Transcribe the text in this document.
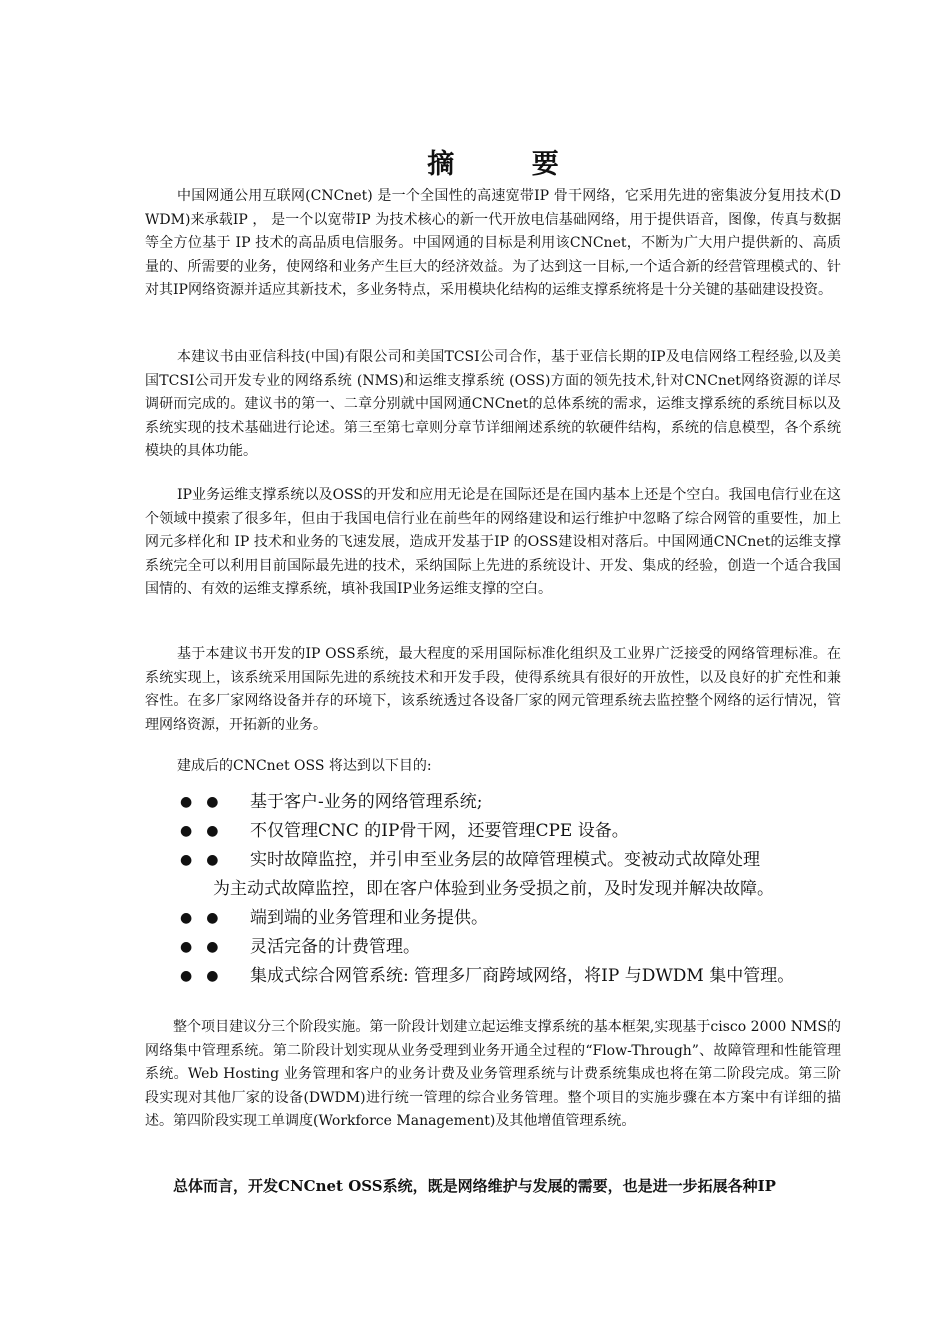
摘 要

中国网通公用互联网(CNCnet) 是一个全国性的高速宽带IP 骨干网络，它采用先进的密集波分复用技术(DWDM)来承载IP ， 是一个以宽带IP 为技术核心的新一代开放电信基础网络，用于提供语音，图像，传真与数据等全方位基于 IP 技术的高品质电信服务。中国网通的目标是利用该CNCnet，不断为广大用户提供新的、高质量的、所需要的业务，使网络和业务产生巨大的经济效益。为了达到这一目标,一个适合新的经营管理模式的、针对其IP网络资源并适应其新技术，多业务特点，采用模块化结构的运维支撑系统将是十分关键的基础建设投资。

本建议书由亚信科技(中国)有限公司和美国TCSI公司合作，基于亚信长期的IP及电信网络工程经验,以及美国TCSI公司开发专业的网络系统 (NMS)和运维支撑系统 (OSS)方面的领先技术,针对CNCnet网络资源的详尽调研而完成的。建议书的第一、二章分别就中国网通CNCnet的总体系统的需求，运维支撑系统的系统目标以及系统实现的技术基础进行论述。第三至第七章则分章节详细阐述系统的软硬件结构，系统的信息模型，各个系统模块的具体功能。

IP业务运维支撑系统以及OSS的开发和应用无论是在国际还是在国内基本上还是个空白。我国电信行业在这个领域中摸索了很多年，但由于我国电信行业在前些年的网络建设和运行维护中忽略了综合网管的重要性，加上网元多样化和 IP 技术和业务的飞速发展，造成开发基于IP 的OSS建设相对落后。中国网通CNCnet的运维支撑系统完全可以利用目前国际最先进的技术，采纳国际上先进的系统设计、开发、集成的经验，创造一个适合我国国情的、有效的运维支撑系统，填补我国IP业务运维支撑的空白。

基于本建议书开发的IP OSS系统，最大程度的采用国际标准化组织及工业界广泛接受的网络管理标准。在系统实现上，该系统采用国际先进的系统技术和开发手段，使得系统具有很好的开放性，以及良好的扩充性和兼容性。在多厂家网络设备并存的环境下，该系统透过各设备厂家的网元管理系统去监控整个网络的运行情况，管理网络资源，开拓新的业务。

建成后的CNCnet OSS 将达到以下目的:

●● 基于客户-业务的网络管理系统;
●● 不仅管理CNC 的IP骨干网，还要管理CPE 设备。
●● 实时故障监控，并引申至业务层的故障管理模式。变被动式故障处理
为主动式故障监控，即在客户体验到业务受损之前，及时发现并解决故障。
●● 端到端的业务管理和业务提供。
●● 灵活完备的计费管理。
●● 集成式综合网管系统: 管理多厂商跨域网络，将IP 与DWDM 集中管理。

整个项目建议分三个阶段实施。第一阶段计划建立起运维支撑系统的基本框架,实现基于cisco 2000 NMS的网络集中管理系统。第二阶段计划实现从业务受理到业务开通全过程的“Flow-Through”、故障管理和性能管理系统。Web Hosting 业务管理和客户的业务计费及业务管理系统与计费系统集成也将在第二阶段完成。第三阶段实现对其他厂家的设备(DWDM)进行统一管理的综合业务管理。整个项目的实施步骤在本方案中有详细的描述。第四阶段实现工单调度(Workforce Management)及其他增值管理系统。

总体而言，开发CNCnet OSS系统，既是网络维护与发展的需要，也是进一步拓展各种IP
